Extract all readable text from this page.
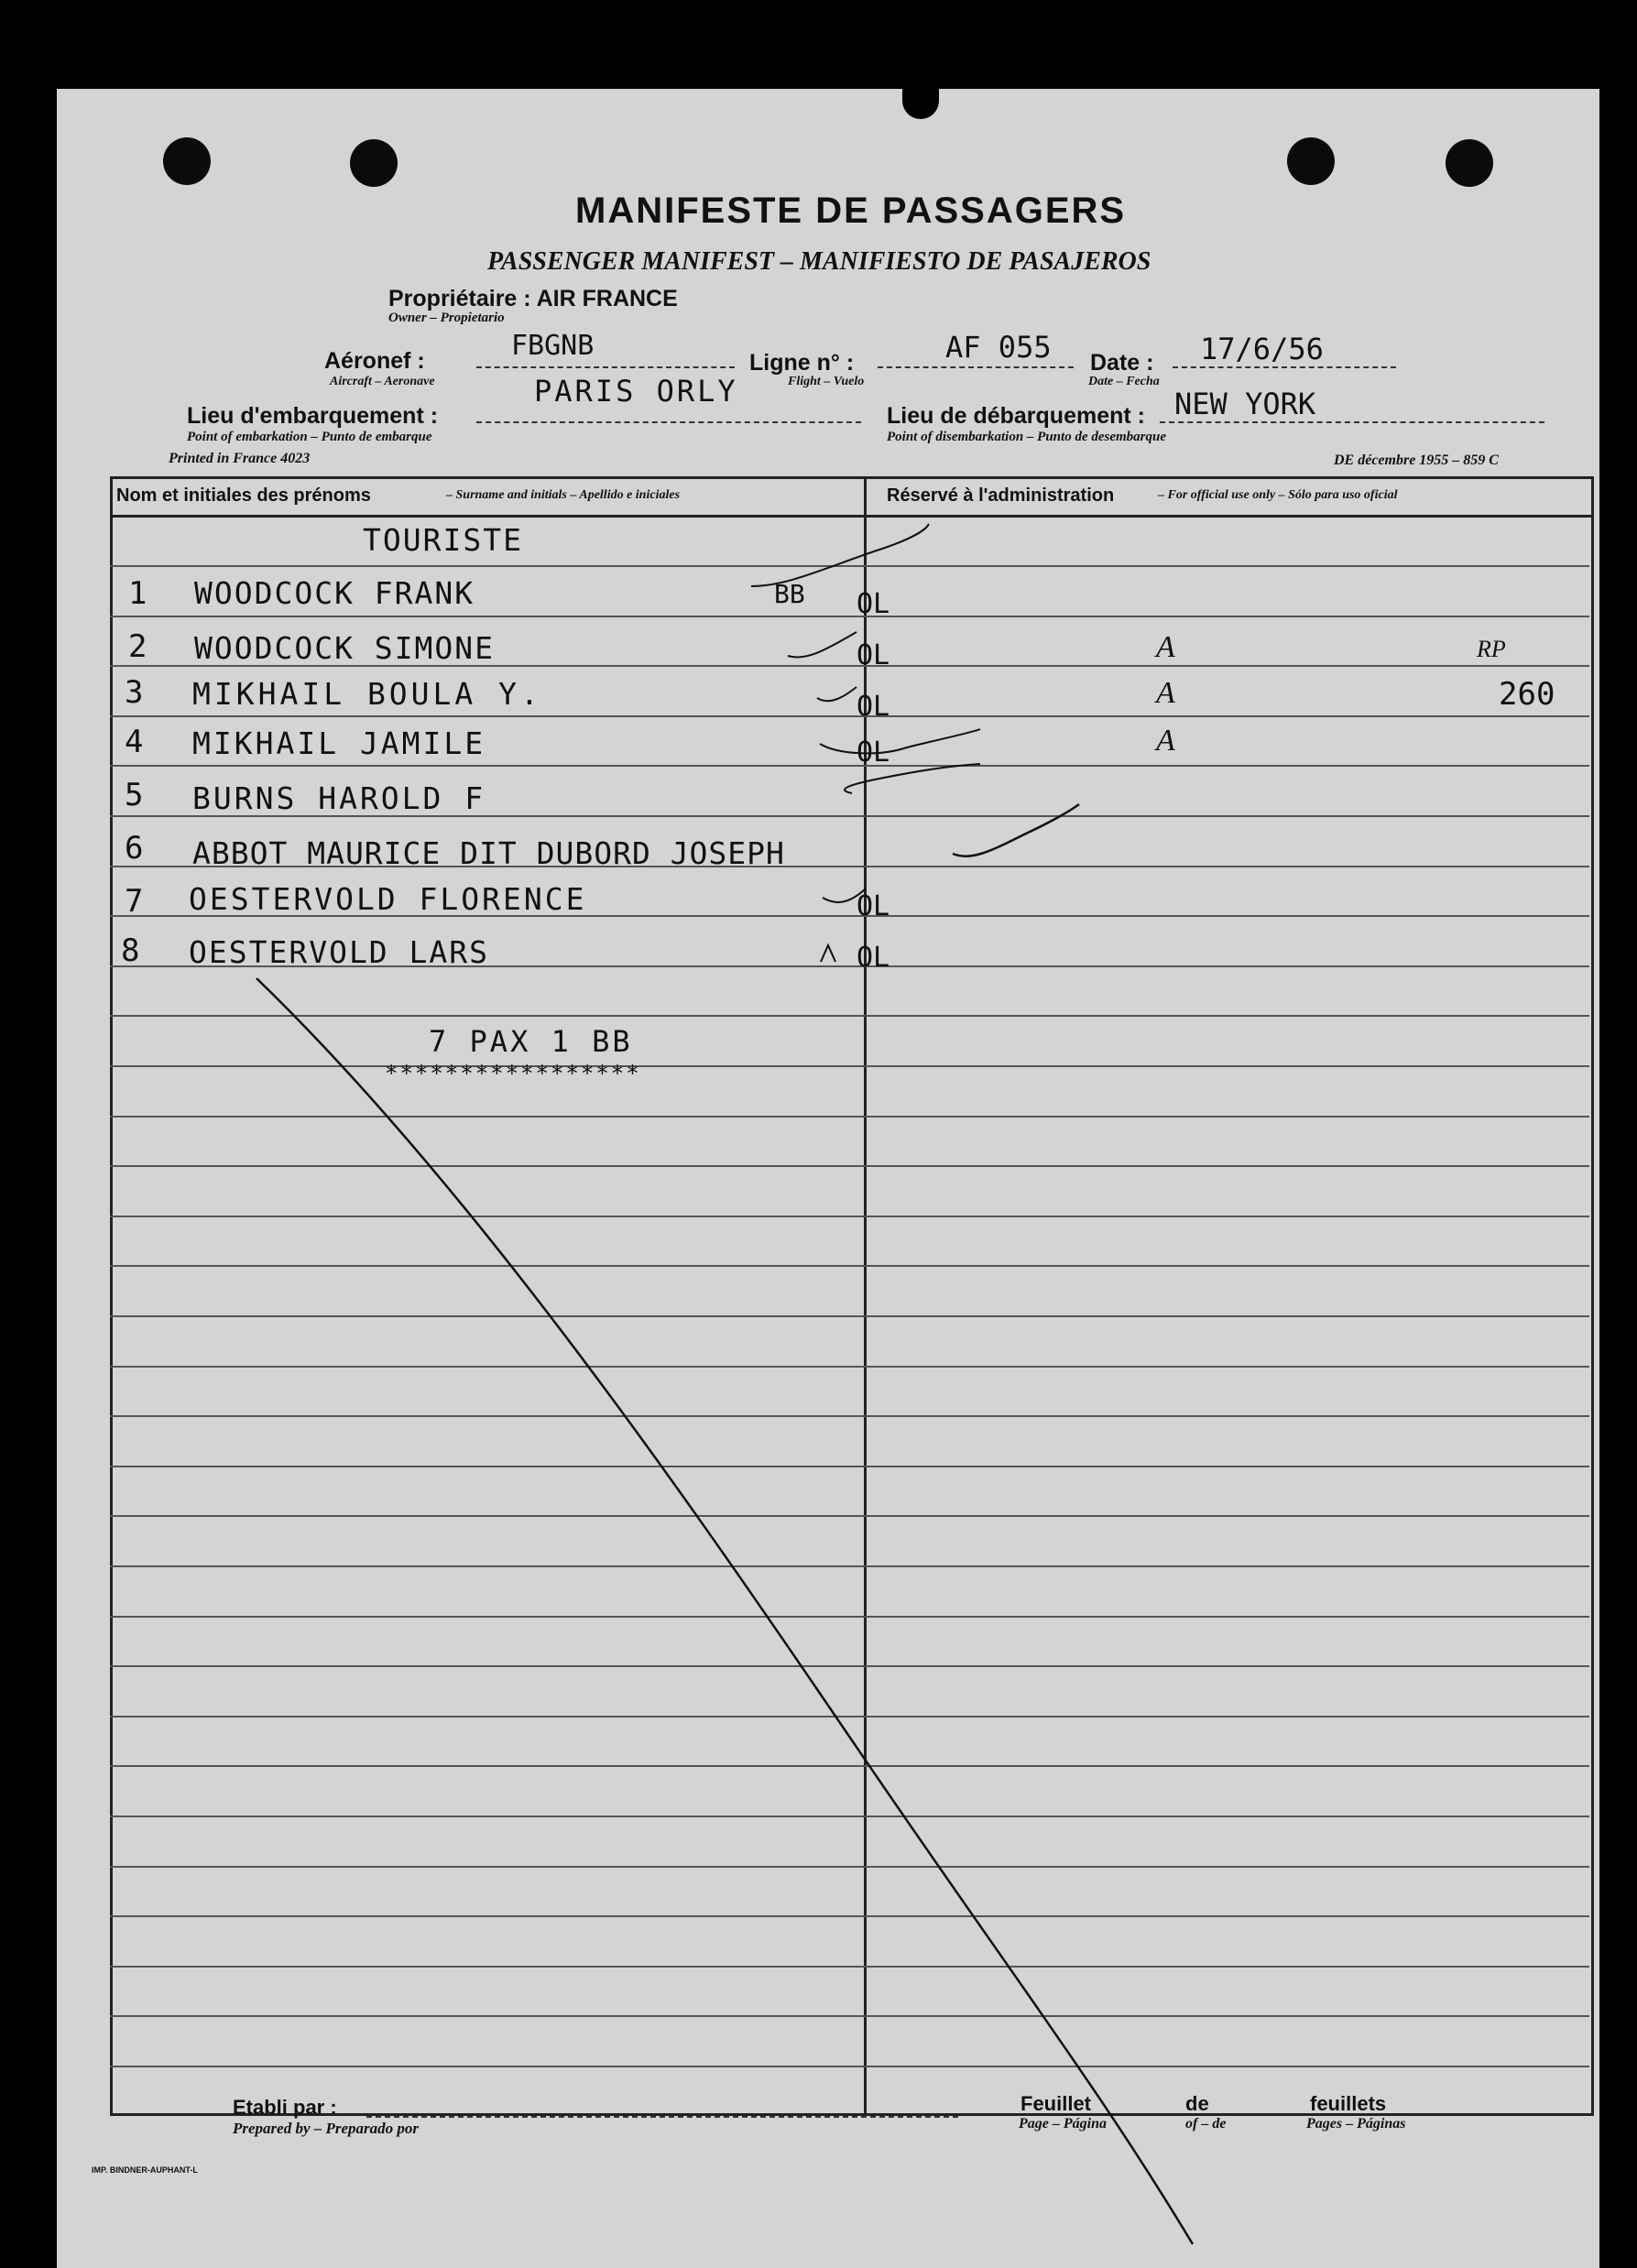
MANIFESTE DE PASSAGERS
PASSENGER MANIFEST – MANIFIESTO DE PASAJEROS
Propriétaire : AIR FRANCE
Owner – Propietario
Aéronef :
Aircraft – Aeronave
FBGNB
Ligne n° :
Flight – Vuelo
AF 055 Date :
Date – Fecha
17/6/56
Lieu d'embarquement :
Point of embarkation – Punto de embarque
PARIS ORLY
Lieu de débarquement :
Point of disembarkation – Punto de desembarque
NEW YORK
Printed in France 4023	DE décembre 1955 – 859 C
Nom et initiales des prénoms	– Surname and initials – Apellido e iniciales	Réservé à l'administration	– For official use only – Sólo para uso oficial
TOURISTE
1 WOODCOCK FRANK	BB OL
2 WOODCOCK SIMONE	OL	A	RP
3 MIKHAIL BOULA Y.	OL	A	260
4 MIKHAIL JAMILE	OL	A
5 BURNS HAROLD F
6 ABBOT MAURICE DIT DUBORD JOSEPH
7 OESTERVOLD FLORENCE	OL
8 OESTERVOLD LARS	OL
7 PAX 1 BB
*****************
Etabli par :
Prepared by – Preparado por
Feuillet
Page – Página
de
of – de
feuillets
Pages – Páginas
IMP. BINDNER-AUPHANT-L
